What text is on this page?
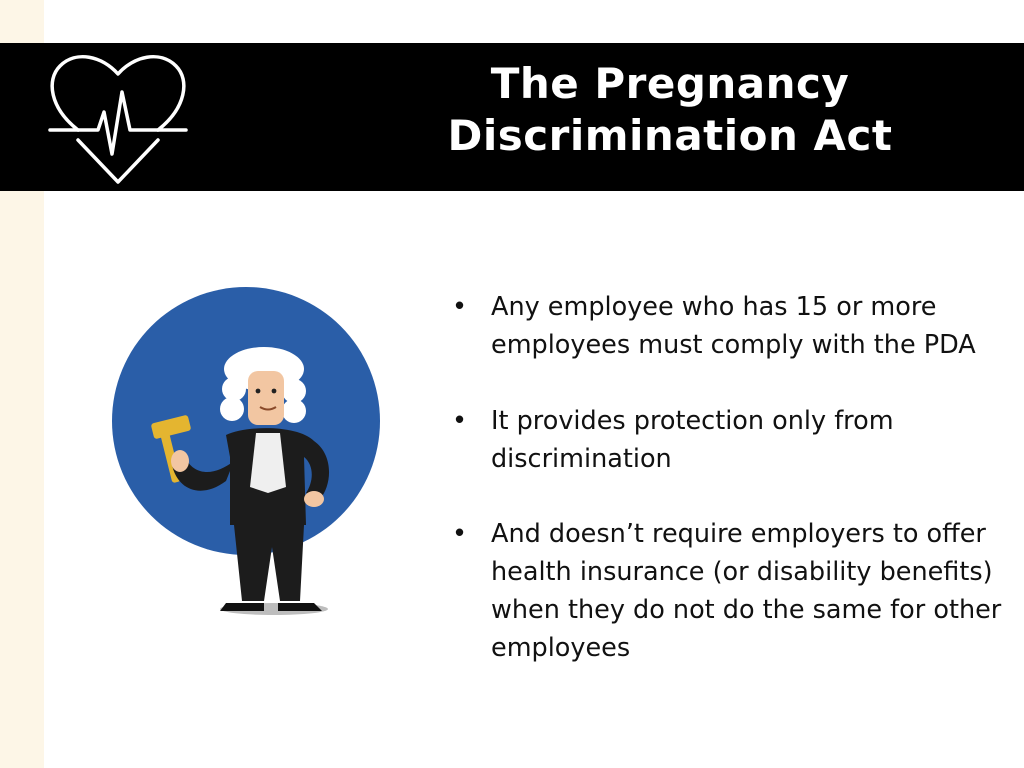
The Pregnancy
Discrimination Act
• Any employee who has 15 or more employees must comply with the PDA
• It provides protection only from discrimination
• And doesn’t require employers to offer health insurance (or disability benefits) when they do not do the same for other employees
